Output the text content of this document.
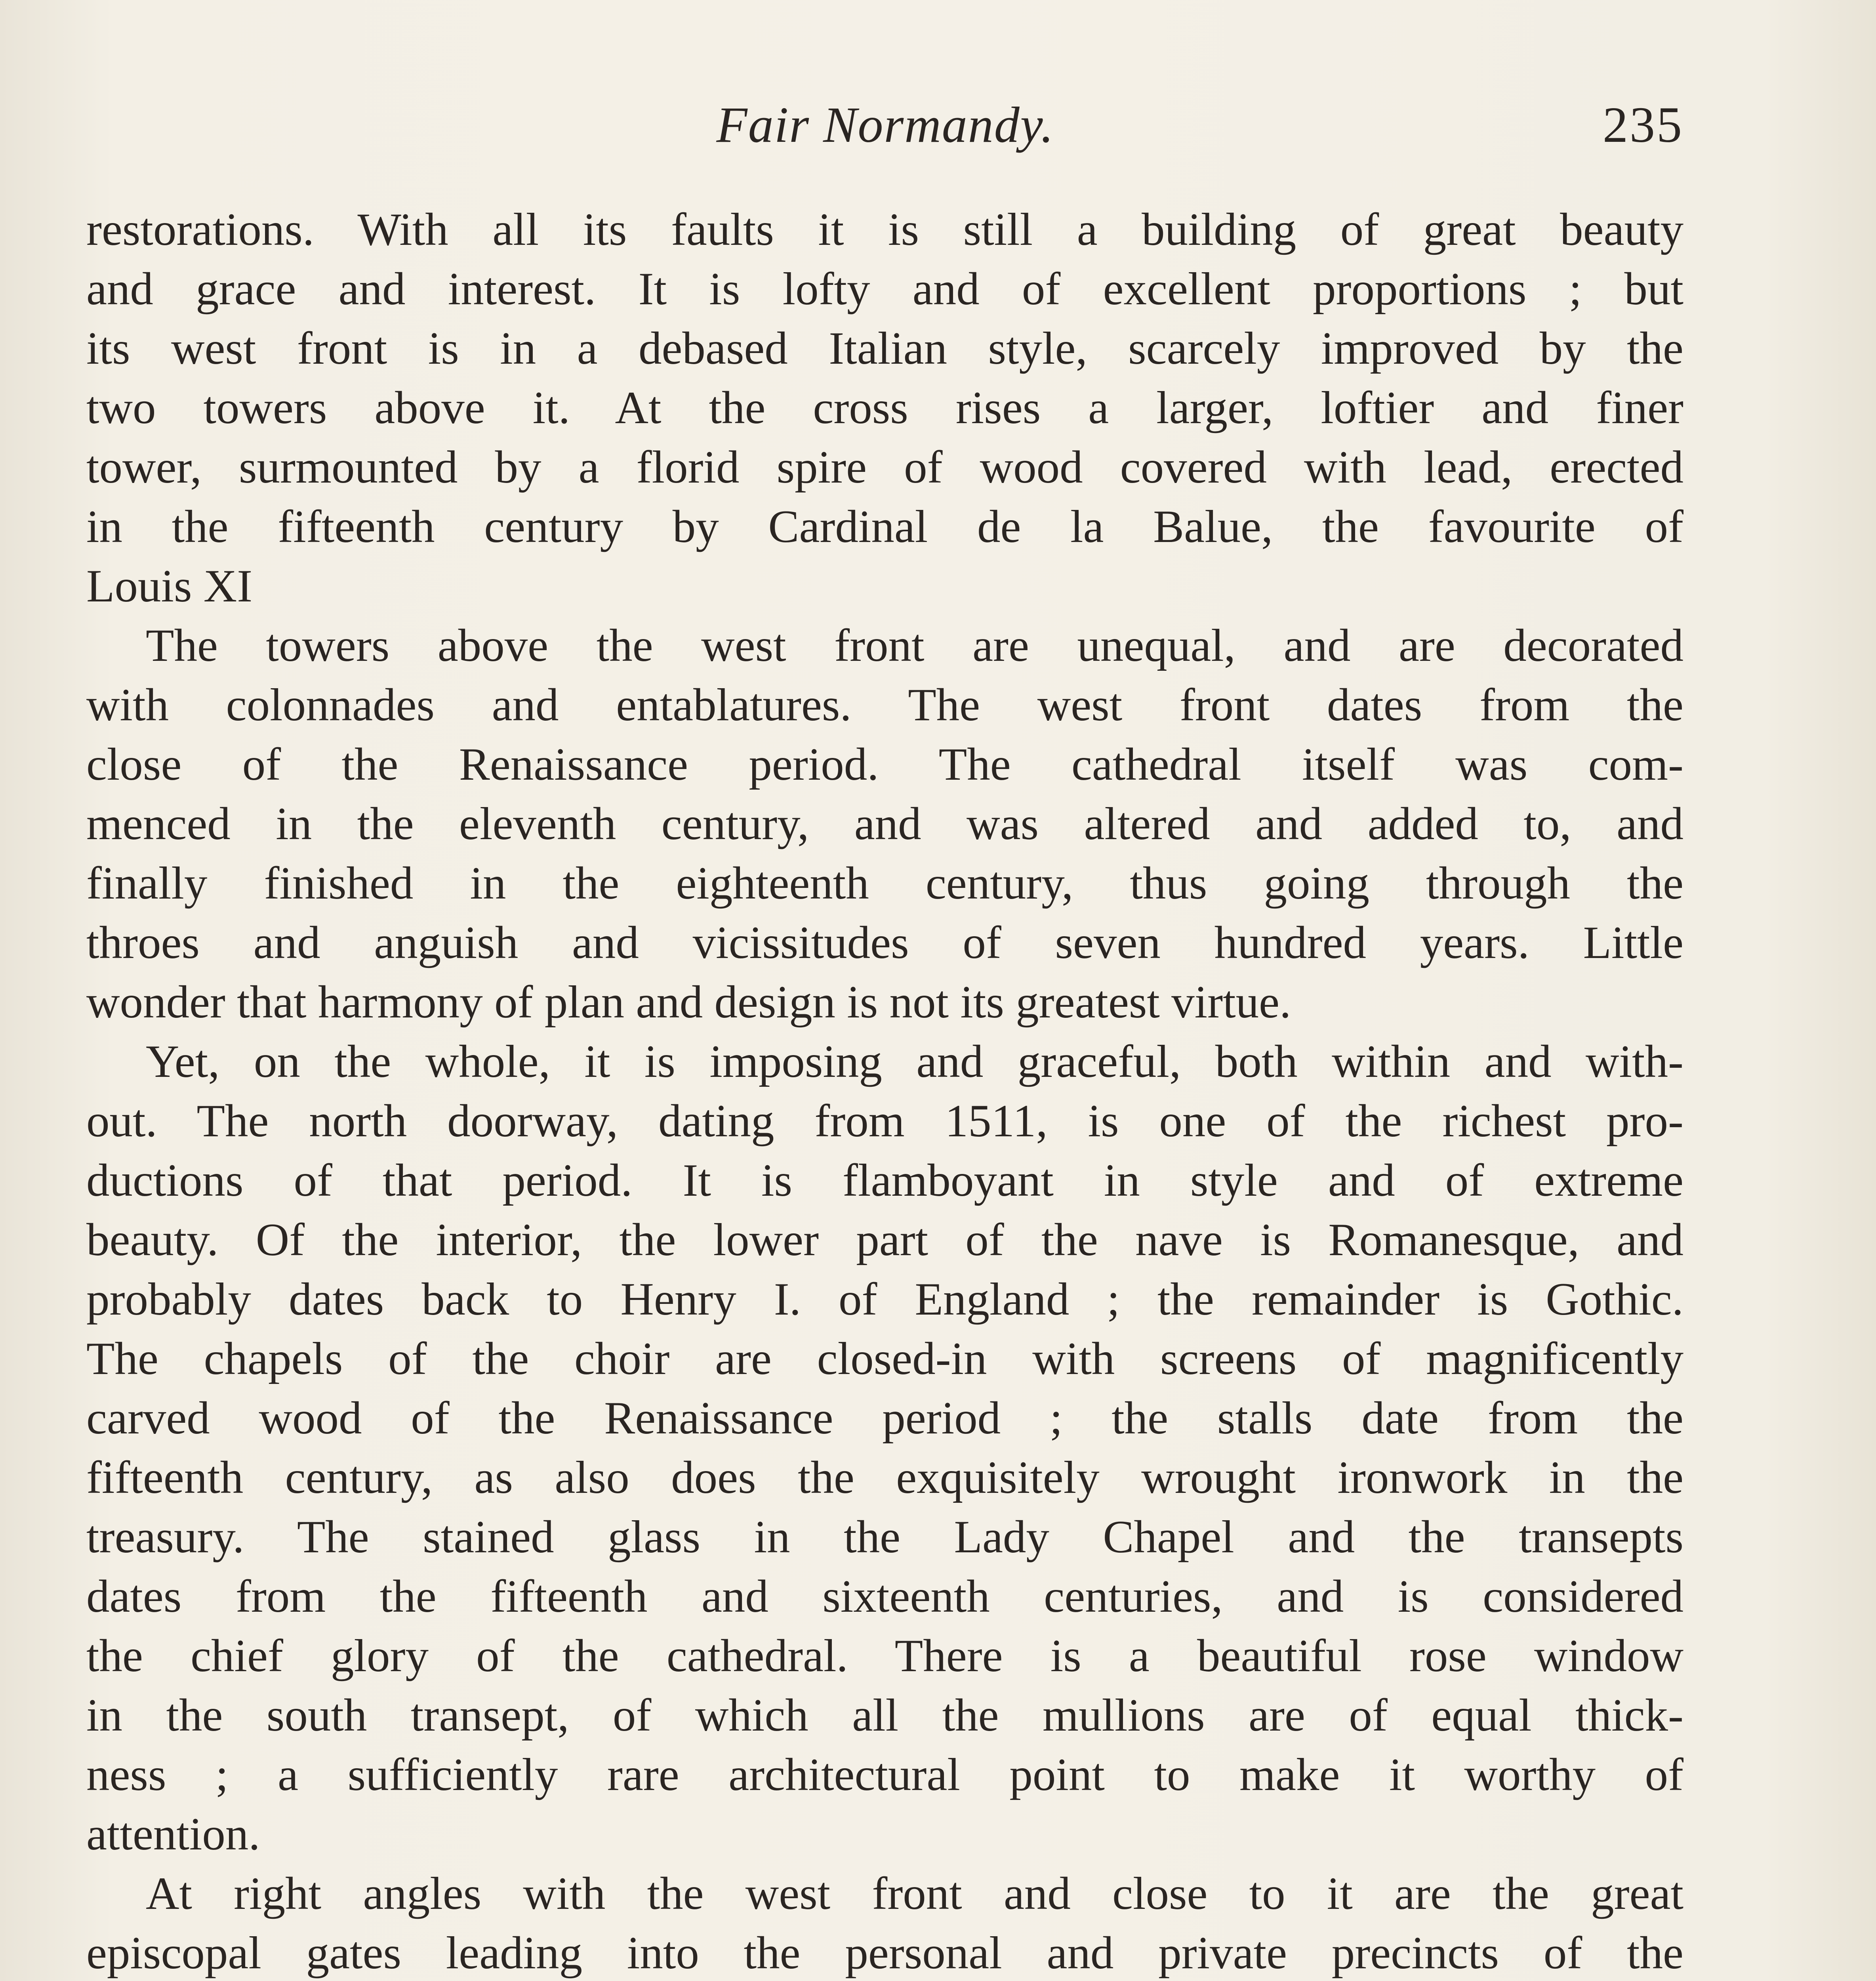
Fair Normandy.	235
restorations. With all its faults it is still a building of great beauty
and grace and interest. It is lofty and of excellent proportions ; but
its west front is in a debased Italian style, scarcely improved by the
two towers above it. At the cross rises a larger, loftier and finer
tower, surmounted by a florid spire of wood covered with lead, erected
in the fifteenth century by Cardinal de la Balue, the favourite of
Louis XI
The towers above the west front are unequal, and are decorated
with colonnades and entablatures. The west front dates from the
close of the Renaissance period. The cathedral itself was com-
menced in the eleventh century, and was altered and added to, and
finally finished in the eighteenth century, thus going through the
throes and anguish and vicissitudes of seven hundred years. Little
wonder that harmony of plan and design is not its greatest virtue.
Yet, on the whole, it is imposing and graceful, both within and with-
out. The north doorway, dating from 1511, is one of the richest pro-
ductions of that period. It is flamboyant in style and of extreme
beauty. Of the interior, the lower part of the nave is Romanesque, and
probably dates back to Henry I. of England ; the remainder is Gothic.
The chapels of the choir are closed-in with screens of magnificently
carved wood of the Renaissance period ; the stalls date from the
fifteenth century, as also does the exquisitely wrought ironwork in the
treasury. The stained glass in the Lady Chapel and the transepts
dates from the fifteenth and sixteenth centuries, and is considered
the chief glory of the cathedral. There is a beautiful rose window
in the south transept, of which all the mullions are of equal thick-
ness ; a sufficiently rare architectural point to make it worthy of
attention.
At right angles with the west front and close to it are the great
episcopal gates leading into the personal and private precincts of the
